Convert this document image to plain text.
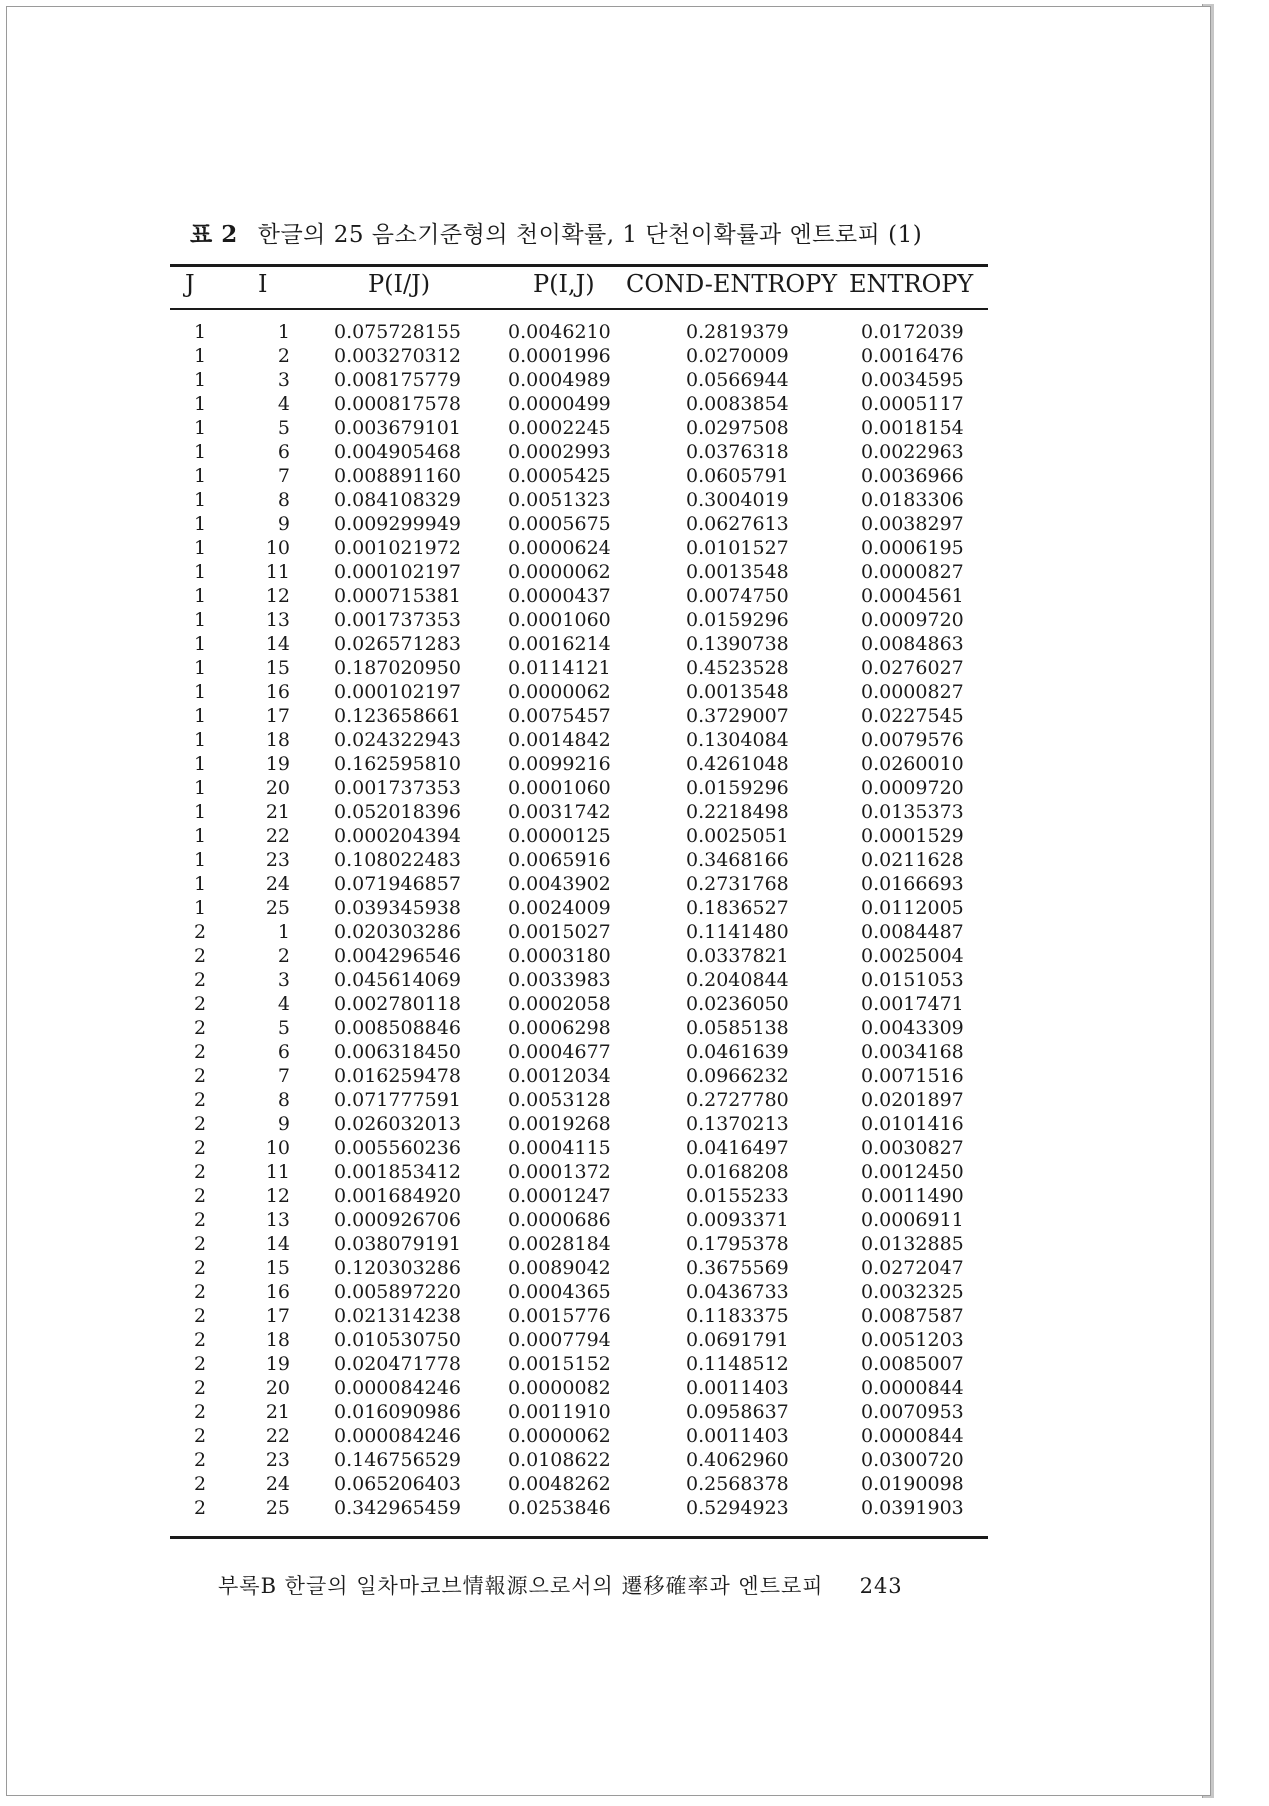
표 2 한글의 25 음소기준형의 천이확률, 1 단천이확률과 엔트로피 (1)
J	I	P(I/J)	P(I,J) COND-ENTROPY ENTROPY
1	1 0.075728155 0.0046210	0.2819379	0.0172039
1	2 0.003270312 0.0001996	0.0270009	0.0016476
1	3 0.008175779 0.0004989	0.0566944	0.0034595
1	4 0.000817578 0.0000499	0.0083854	0.0005117
1	5 0.003679101 0.0002245	0.0297508	0.0018154
1	6 0.004905468 0.0002993	0.0376318	0.0022963
1	7 0.008891160 0.0005425	0.0605791	0.0036966
1	8 0.084108329 0.0051323	0.3004019	0.0183306
1	9 0.009299949 0.0005675	0.0627613	0.0038297
1	10 0.001021972 0.0000624	0.0101527	0.0006195
1	11 0.000102197 0.0000062	0.0013548	0.0000827
1	12 0.000715381 0.0000437	0.0074750	0.0004561
1	13 0.001737353 0.0001060	0.0159296	0.0009720
1	14 0.026571283 0.0016214	0.1390738	0.0084863
1	15 0.187020950 0.0114121	0.4523528	0.0276027
1	16 0.000102197 0.0000062	0.0013548	0.0000827
1	17 0.123658661 0.0075457	0.3729007	0.0227545
1	18 0.024322943 0.0014842	0.1304084	0.0079576
1	19 0.162595810 0.0099216	0.4261048	0.0260010
1	20 0.001737353 0.0001060	0.0159296	0.0009720
1	21 0.052018396 0.0031742	0.2218498	0.0135373
1	22 0.000204394 0.0000125	0.0025051	0.0001529
1	23 0.108022483 0.0065916	0.3468166	0.0211628
1	24 0.071946857 0.0043902	0.2731768	0.0166693
1	25 0.039345938 0.0024009	0.1836527	0.0112005
2	1 0.020303286 0.0015027	0.1141480	0.0084487
2	2 0.004296546 0.0003180	0.0337821	0.0025004
2	3 0.045614069 0.0033983	0.2040844	0.0151053
2	4 0.002780118 0.0002058	0.0236050	0.0017471
2	5 0.008508846 0.0006298	0.0585138	0.0043309
2	6 0.006318450 0.0004677	0.0461639	0.0034168
2	7 0.016259478 0.0012034	0.0966232	0.0071516
2	8 0.071777591 0.0053128	0.2727780	0.0201897
2	9 0.026032013 0.0019268	0.1370213	0.0101416
2	10 0.005560236 0.0004115	0.0416497	0.0030827
2	11 0.001853412 0.0001372	0.0168208	0.0012450
2	12 0.001684920 0.0001247	0.0155233	0.0011490
2	13 0.000926706 0.0000686	0.0093371	0.0006911
2	14 0.038079191 0.0028184	0.1795378	0.0132885
2	15 0.120303286 0.0089042	0.3675569	0.0272047
2	16 0.005897220 0.0004365	0.0436733	0.0032325
2	17 0.021314238 0.0015776	0.1183375	0.0087587
2	18 0.010530750 0.0007794	0.0691791	0.0051203
2	19 0.020471778 0.0015152	0.1148512	0.0085007
2	20 0.000084246 0.0000082	0.0011403	0.0000844
2	21 0.016090986 0.0011910	0.0958637	0.0070953
2	22 0.000084246 0.0000062	0.0011403	0.0000844
2	23 0.146756529 0.0108622	0.4062960	0.0300720
2	24 0.065206403 0.0048262	0.2568378	0.0190098
2	25 0.342965459 0.0253846	0.5294923	0.0391903
부록B 한글의 일차마코브情報源으로서의 遷移確率과 엔트로피 243
